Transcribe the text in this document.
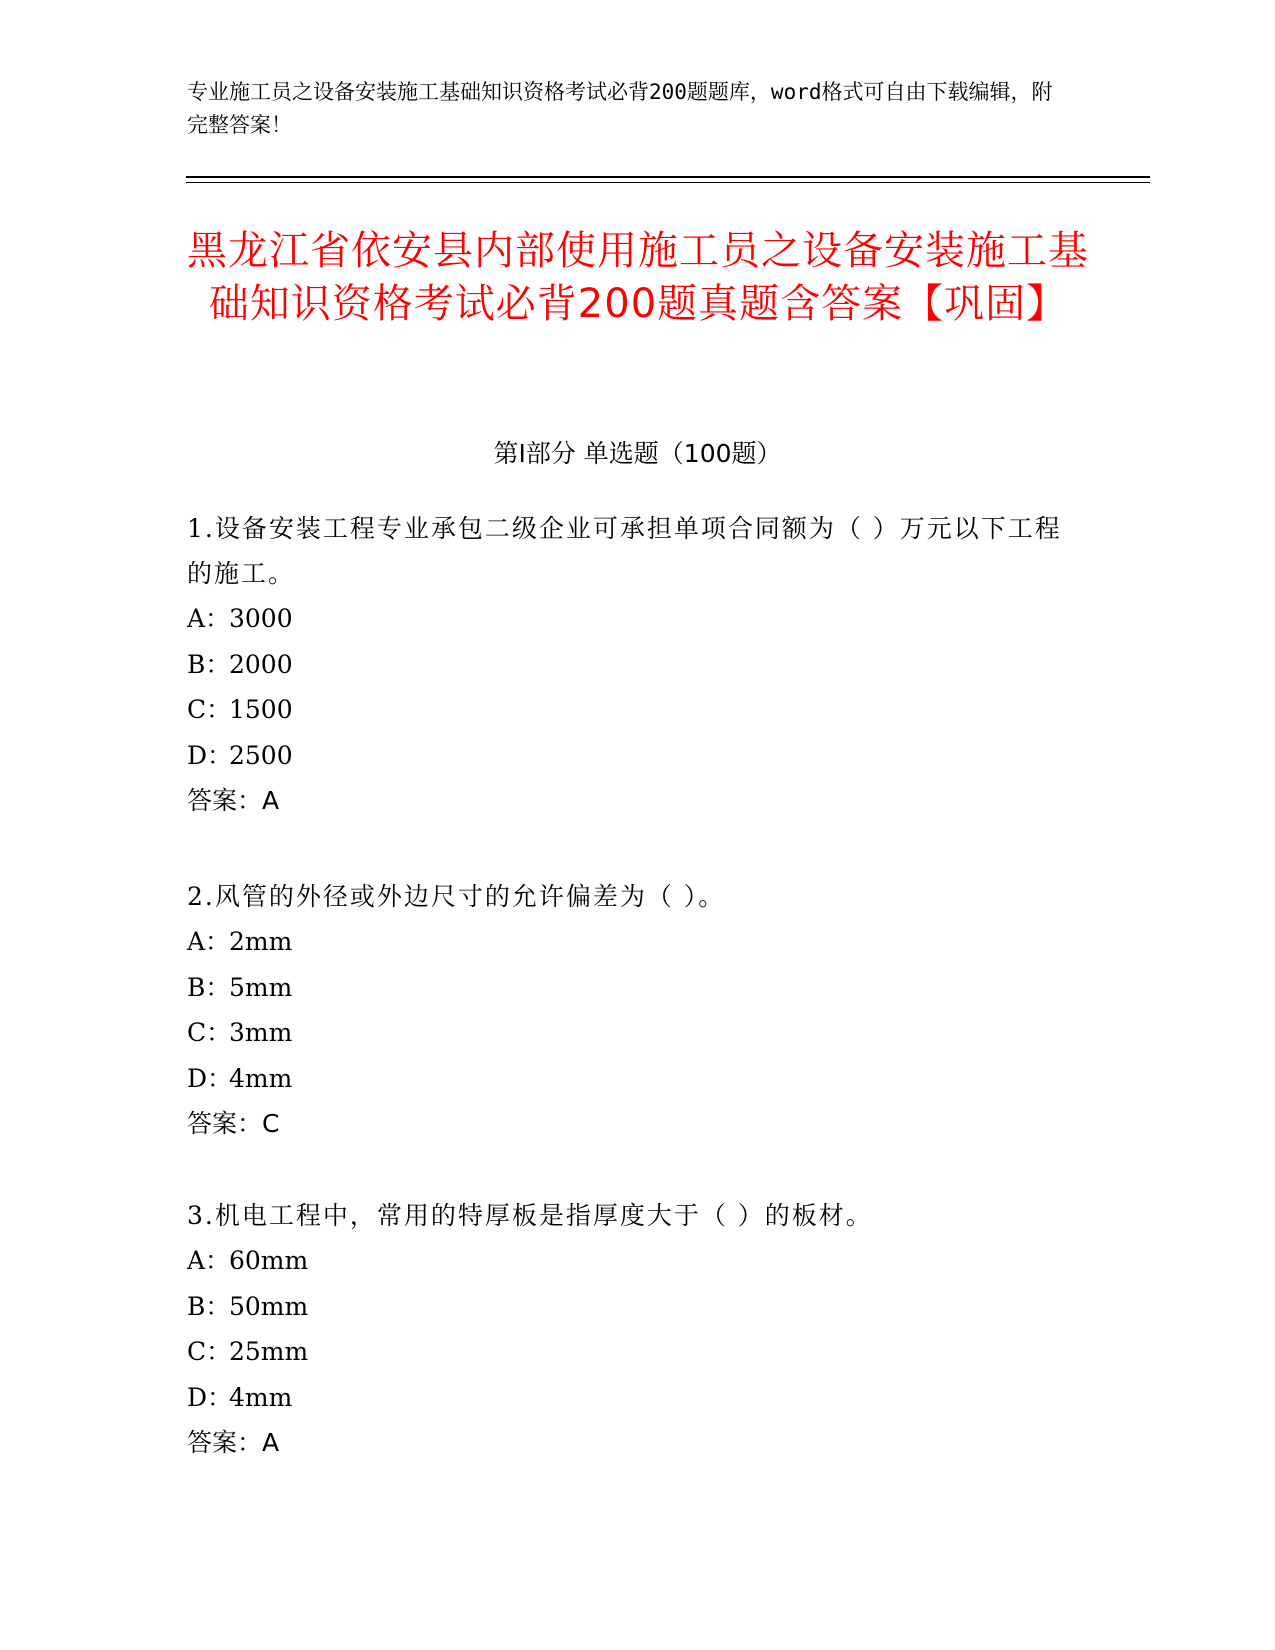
专业施工员之设备安装施工基础知识资格考试必背200题题库，word格式可自由下载编辑，附完整答案！
黑龙江省依安县内部使用施工员之设备安装施工基础知识资格考试必背200题真题含答案【巩固】
第I部分 单选题（100题）

1.设备安装工程专业承包二级企业可承担单项合同额为（ ）万元以下工程的施工。

A：3000

B：2000

C：1500

D：2500

答案：A

2.风管的外径或外边尺寸的允许偏差为（ ）。

A：2mm

B：5mm

C：3mm

D：4mm

答案：C

3.机电工程中，常用的特厚板是指厚度大于（ ）的板材。

A：60mm

B：50mm

C：25mm

D：4mm

答案：A
